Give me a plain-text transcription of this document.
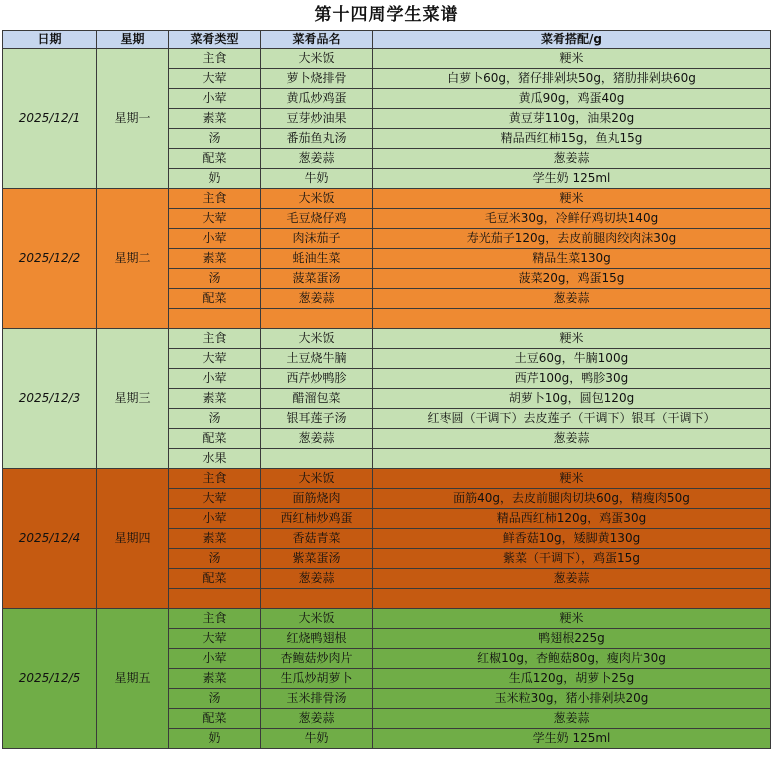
第十四周学生菜谱
日期	星期	菜肴类型	菜肴品名	菜肴搭配/g
2025/12/1	星期一	主食	大米饭	粳米
		大荤	萝卜烧排骨	白萝卜60g，猪仔排剁块50g，猪肋排剁块60g
		小荤	黄瓜炒鸡蛋	黄瓜90g，鸡蛋40g
		素菜	豆芽炒油果	黄豆芽110g，油果20g
		汤	番茄鱼丸汤	精品西红柿15g，鱼丸15g
		配菜	葱姜蒜	葱姜蒜
		奶	牛奶	学生奶 125ml
2025/12/2	星期二	主食	大米饭	粳米
		大荤	毛豆烧仔鸡	毛豆米30g，冷鲜仔鸡切块140g
		小荤	肉沫茄子	寿光茄子120g，去皮前腿肉绞肉沫30g
		素菜	蚝油生菜	精品生菜130g
		汤	菠菜蛋汤	菠菜20g，鸡蛋15g
		配菜	葱姜蒜	葱姜蒜

2025/12/3	星期三	主食	大米饭	粳米
		大荤	土豆烧牛腩	土豆60g，牛腩100g
		小荤	西芹炒鸭胗	西芹100g，鸭胗30g
		素菜	醋溜包菜	胡萝卜10g，圆包120g
		汤	银耳莲子汤	红枣圆（干调下）去皮莲子（干调下）银耳（干调下）
		配菜	葱姜蒜	葱姜蒜
		水果		
2025/12/4	星期四	主食	大米饭	粳米
		大荤	面筋烧肉	面筋40g，去皮前腿肉切块60g，精瘦肉50g
		小荤	西红柿炒鸡蛋	精品西红柿120g，鸡蛋30g
		素菜	香菇青菜	鲜香菇10g，矮脚黄130g
		汤	紫菜蛋汤	紫菜（干调下），鸡蛋15g
		配菜	葱姜蒜	葱姜蒜

2025/12/5	星期五	主食	大米饭	粳米
		大荤	红烧鸭翅根	鸭翅根225g
		小荤	杏鲍菇炒肉片	红椒10g，杏鲍菇80g，瘦肉片30g
		素菜	生瓜炒胡萝卜	生瓜120g，胡萝卜25g
		汤	玉米排骨汤	玉米粒30g，猪小排剁块20g
		配菜	葱姜蒜	葱姜蒜
		奶	牛奶	学生奶 125ml
